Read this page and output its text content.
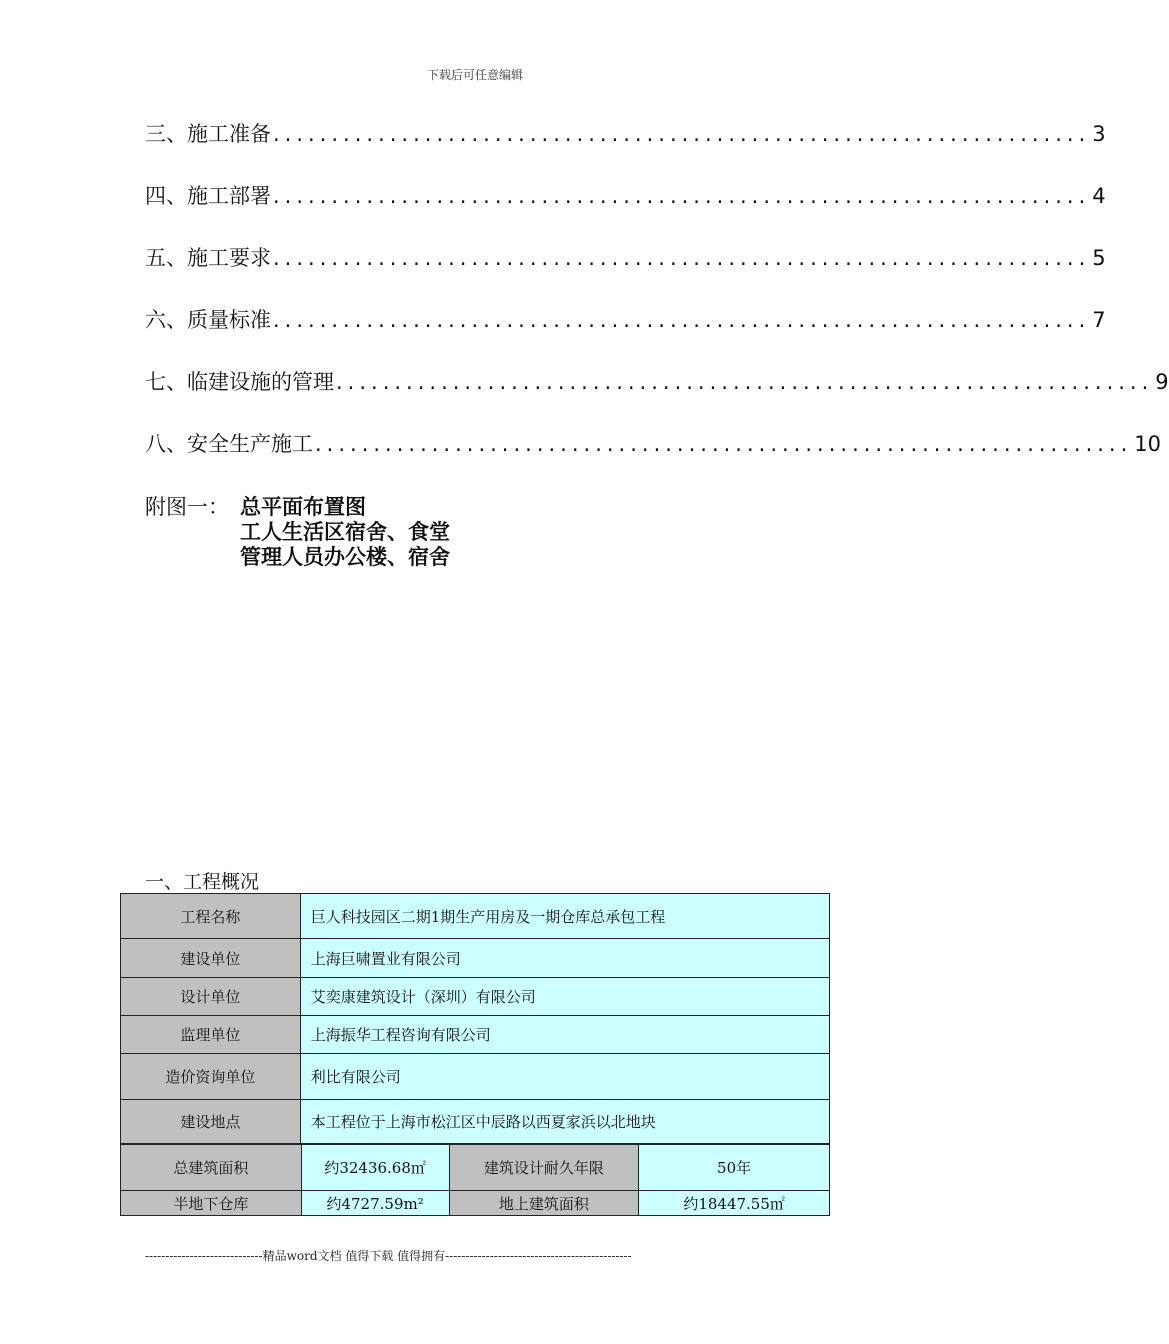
下载后可任意编辑
三、施工准备 ...................................................................... 3
四、施工部署 ...................................................................... 4
五、施工要求 ...................................................................... 5
六、质量标准 ...................................................................... 7
七、临建设施的管理 ...................................................................... 9
八、安全生产施工 ...................................................................... 10
附图一： 总平面布置图
工人生活区宿舍、食堂
管理人员办公楼、宿舍
一、工程概况
工程名称	巨人科技园区二期1期生产用房及一期仓库总承包工程
建设单位	上海巨啸置业有限公司
设计单位	艾奕康建筑设计（深圳）有限公司
监理单位	上海振华工程咨询有限公司
造价资询单位	利比有限公司
建设地点	本工程位于上海市松江区中辰路以西夏家浜以北地块
总建筑面积	约32436.68㎡	建筑设计耐久年限	50年
半地下仓库	约4727.59m²	地上建筑面积	约18447.55㎡
-----------------------------精品word文档 值得下载 值得拥有----------------------------------------------
